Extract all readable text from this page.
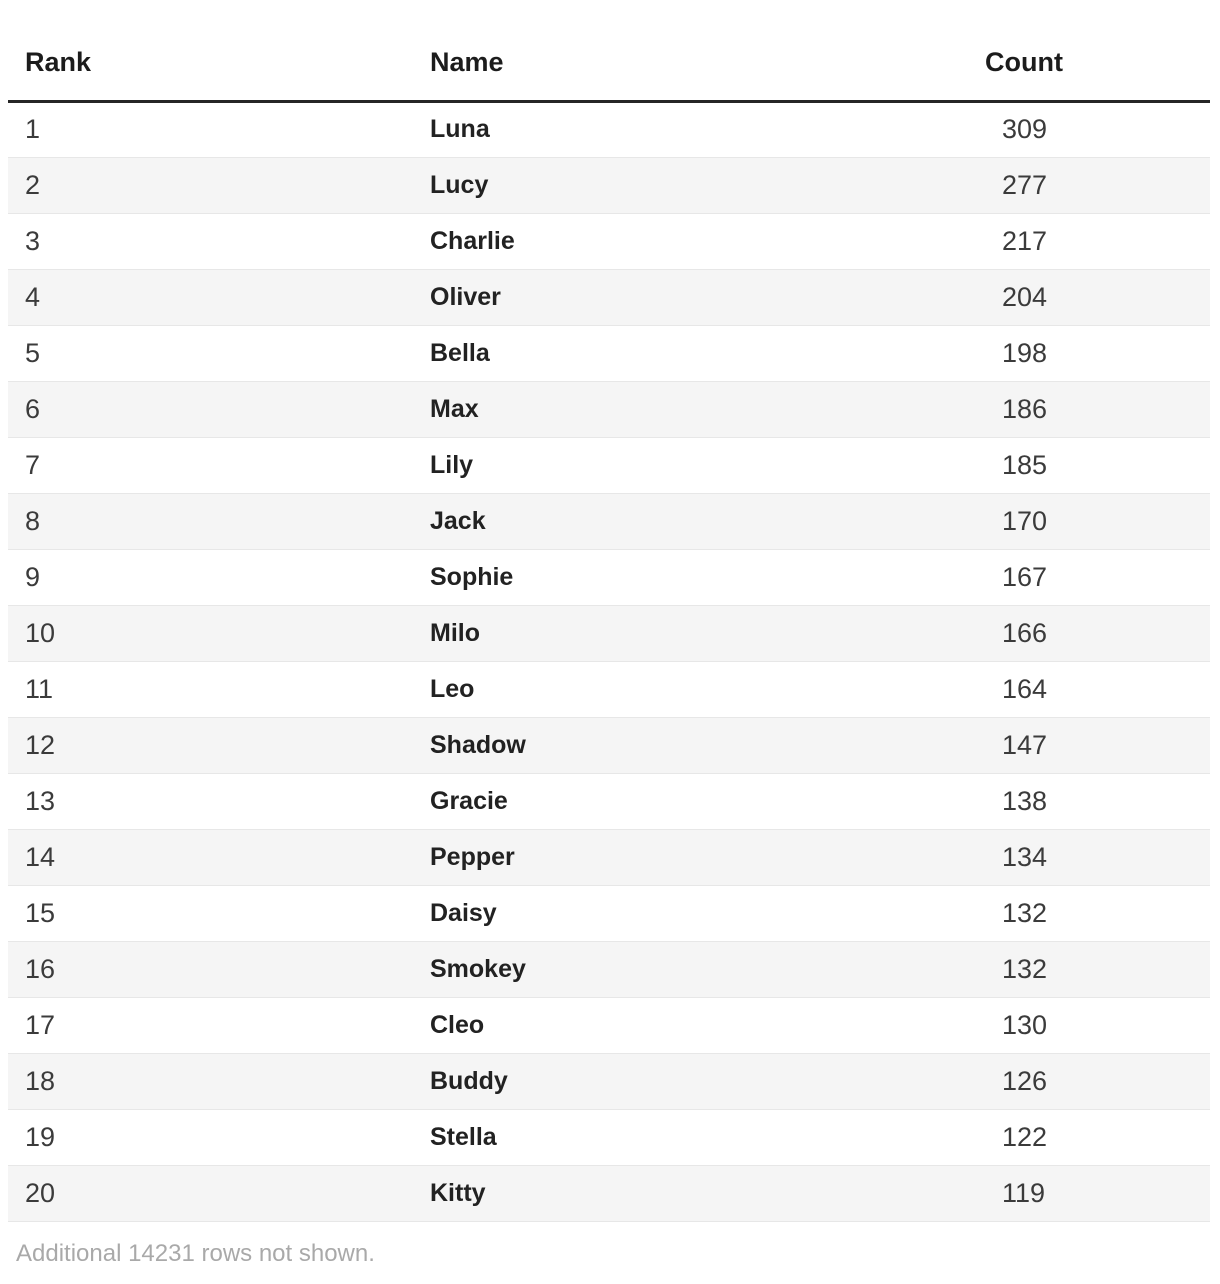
Rank	Name	Count
1	Luna	309
2	Lucy	277
3	Charlie	217
4	Oliver	204
5	Bella	198
6	Max	186
7	Lily	185
8	Jack	170
9	Sophie	167
10	Milo	166
11	Leo	164
12	Shadow	147
13	Gracie	138
14	Pepper	134
15	Daisy	132
16	Smokey	132
17	Cleo	130
18	Buddy	126
19	Stella	122
20	Kitty	119
Additional 14231 rows not shown.
